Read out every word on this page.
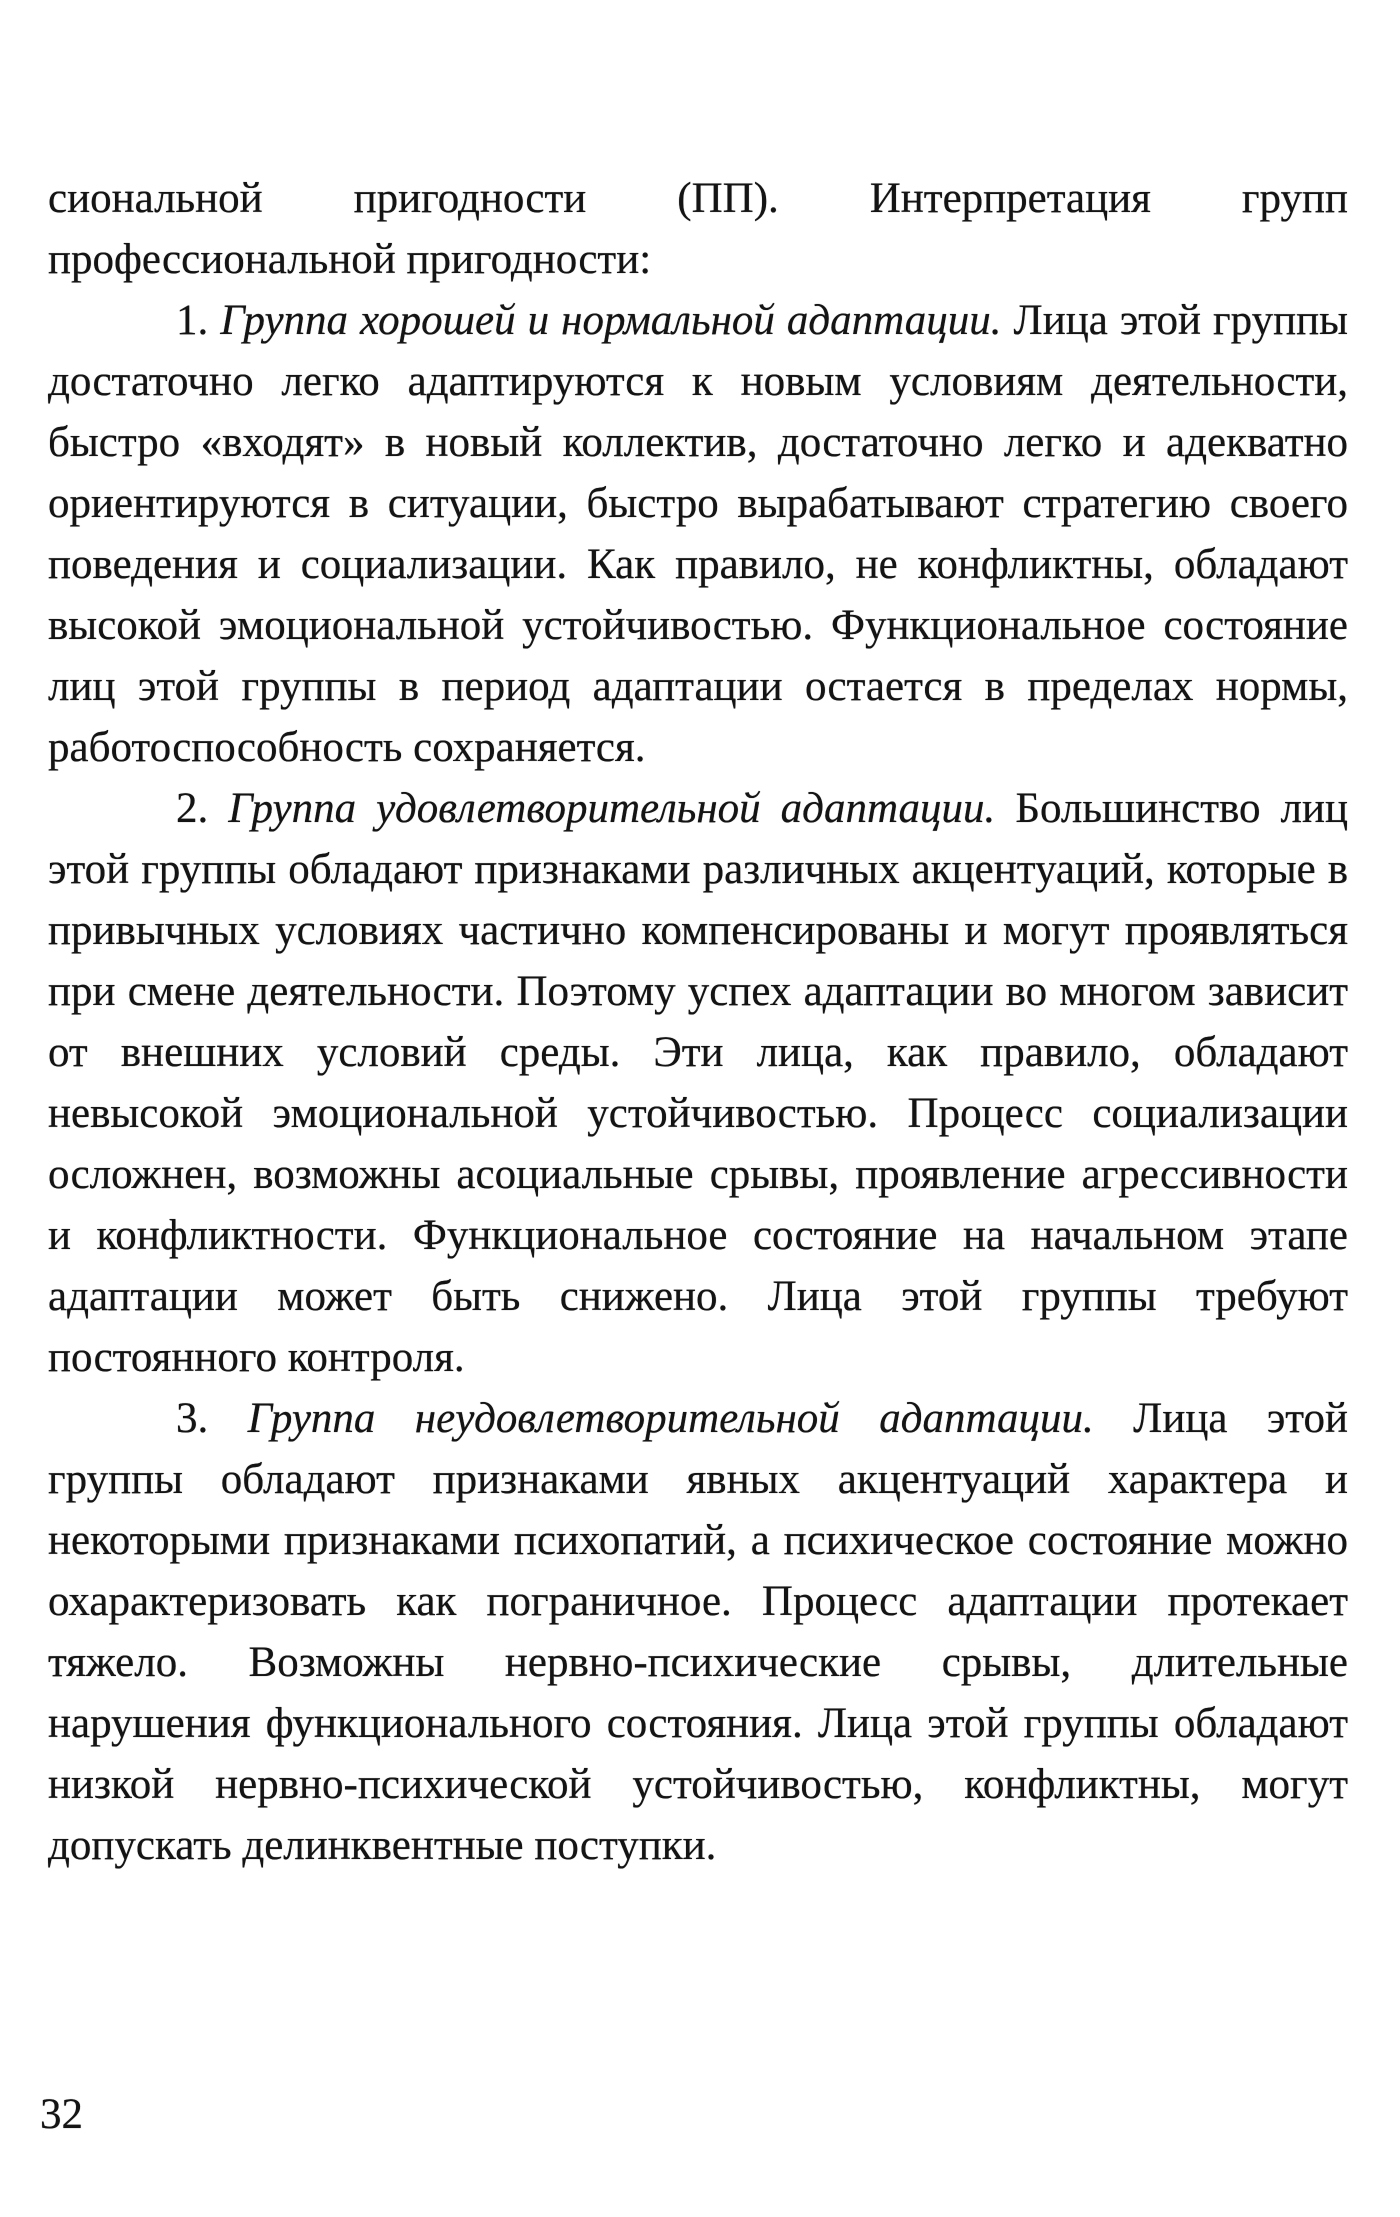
сиональной пригодности (ПП). Интерпретация групп профессиональной пригодности:

1. Группа хорошей и нормальной адаптации. Лица этой группы достаточно легко адаптируются к новым условиям деятельности, быстро «входят» в новый коллектив, достаточно легко и адекватно ориентируются в ситуации, быстро вырабатывают стратегию своего поведения и социализации. Как правило, не конфликтны, обладают высокой эмоциональной устойчивостью. Функциональное состояние лиц этой группы в период адаптации остается в пределах нормы, работоспособность сохраняется.

2. Группа удовлетворительной адаптации. Большинство лиц этой группы обладают признаками различных акцентуаций, которые в привычных условиях частично компенсированы и могут проявляться при смене деятельности. Поэтому успех адаптации во многом зависит от внешних условий среды. Эти лица, как правило, обладают невысокой эмоциональной устойчивостью. Процесс социализации осложнен, возможны асоциальные срывы, проявление агрессивности и конфликтности. Функциональное состояние на начальном этапе адаптации может быть снижено. Лица этой группы требуют постоянного контроля.

3. Группа неудовлетворительной адаптации. Лица этой группы обладают признаками явных акцентуаций характера и некоторыми признаками психопатий, а психическое состояние можно охарактеризовать как пограничное. Процесс адаптации протекает тяжело. Возможны нервно-психические срывы, длительные нарушения функционального состояния. Лица этой группы обладают низкой нервно-психической устойчивостью, конфликтны, могут допускать делинквентные поступки.

32
